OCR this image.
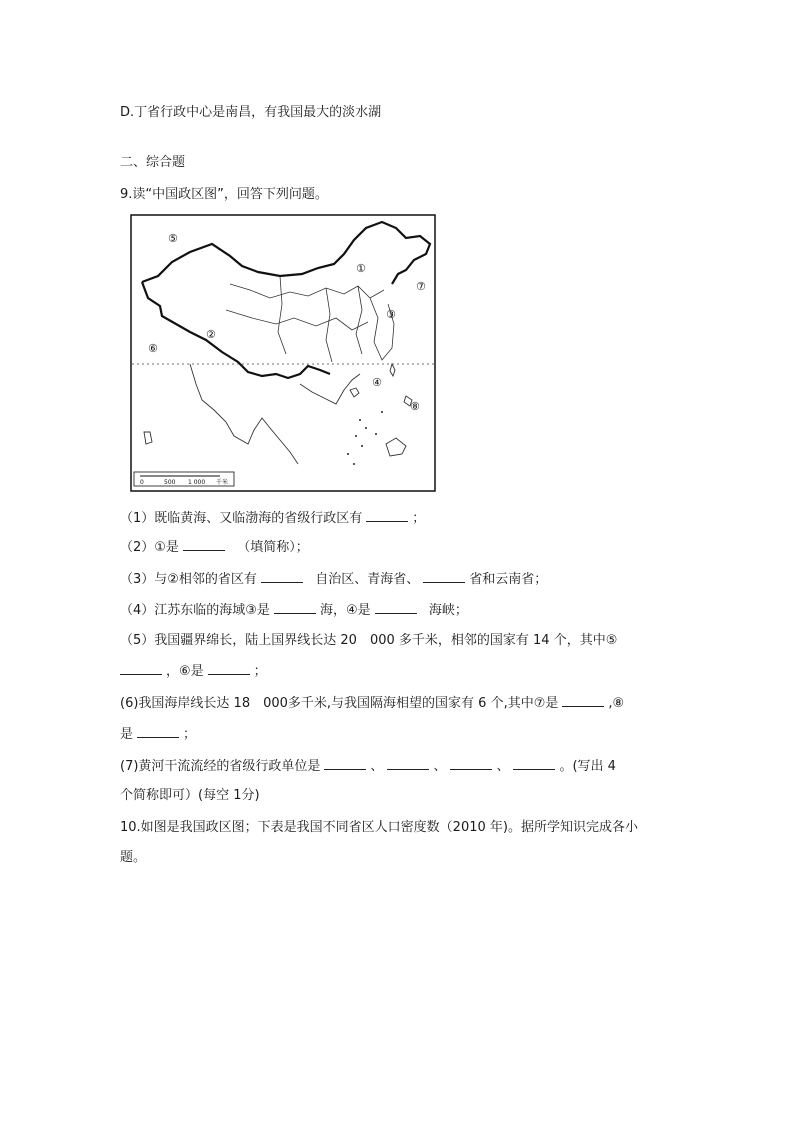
D.丁省行政中心是南昌，有我国最大的淡水湖
二、综合题
9.读“中国政区图”，回答下列问题。
⑤
①
⑦
③
②
⑥
④
⑧
0	500 1 000 千米
（1）既临黄海、又临渤海的省级行政区有	；
（2）①是	（填简称）；
（3）与②相邻的省区有	自治区、青海省、	省和云南省；
（4）江苏东临的海域③是	海，④是	海峡；
（5）我国疆界绵长，陆上国界线长达 20　000 多千米，相邻的国家有 14 个，其中⑤
，⑥是	；
(6)我国海岸线长达 18　000多千米,与我国隔海相望的国家有 6 个,其中⑦是	,⑧
是	；
(7)黄河干流流经的省级行政单位是	、	、	、	。(写出 4
个简称即可）(每空 1分)
10.如图是我国政区图；下表是我国不同省区人口密度数（2010 年)。据所学知识完成各小
题。
